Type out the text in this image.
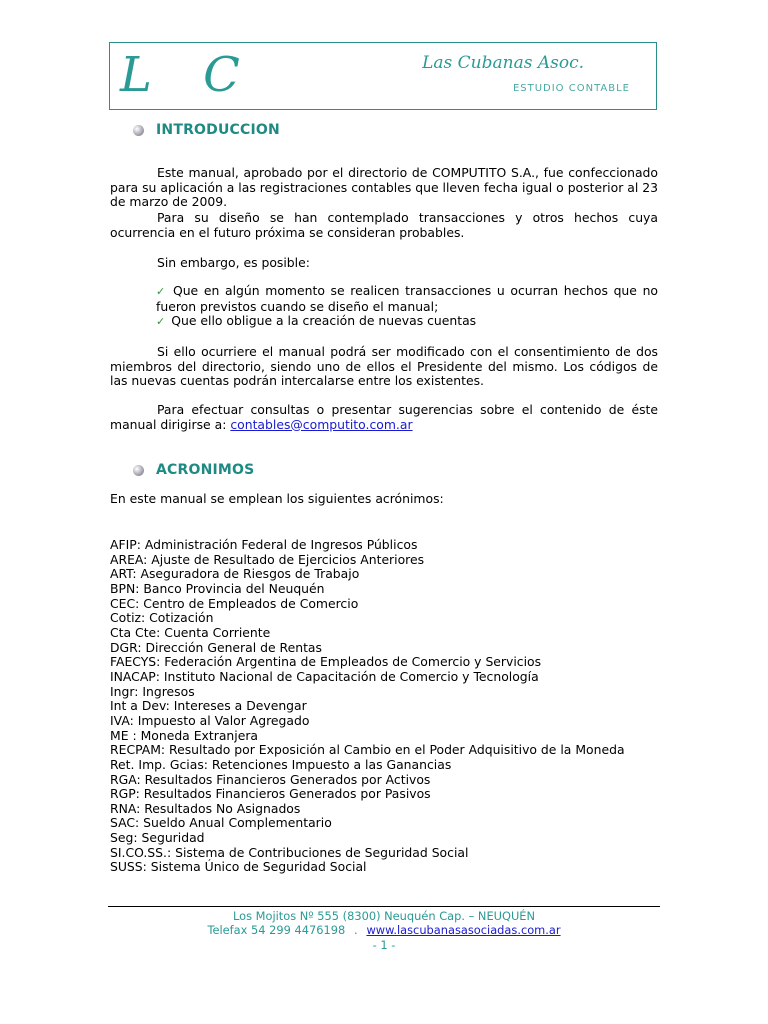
L C	Las Cubanas Asoc.
ESTUDIO CONTABLE
INTRODUCCION

Este manual, aprobado por el directorio de COMPUTITO S.A., fue confeccionado para su aplicación a las registraciones contables que lleven fecha igual o posterior al 23 de marzo de 2009.

Para su diseño se han contemplado transacciones y otros hechos cuya ocurrencia en el futuro próxima se consideran probables.

Sin embargo, es posible:

✓ Que en algún momento se realicen transacciones u ocurran hechos que no fueron previstos cuando se diseño el manual;
✓ Que ello obligue a la creación de nuevas cuentas

Si ello ocurriere el manual podrá ser modificado con el consentimiento de dos miembros del directorio, siendo uno de ellos el Presidente del mismo. Los códigos de las nuevas cuentas podrán intercalarse entre los existentes.

Para efectuar consultas o presentar sugerencias sobre el contenido de éste manual dirigirse a: contables@computito.com.ar

ACRONIMOS

En este manual se emplean los siguientes acrónimos:

AFIP: Administración Federal de Ingresos Públicos
AREA: Ajuste de Resultado de Ejercicios Anteriores
ART: Aseguradora de Riesgos de Trabajo
BPN: Banco Provincia del Neuquén
CEC: Centro de Empleados de Comercio
Cotiz: Cotización
Cta Cte: Cuenta Corriente
DGR: Dirección General de Rentas
FAECYS: Federación Argentina de Empleados de Comercio y Servicios
INACAP: Instituto Nacional de Capacitación de Comercio y Tecnología
Ingr: Ingresos
Int a Dev: Intereses a Devengar
IVA: Impuesto al Valor Agregado
ME : Moneda Extranjera
RECPAM: Resultado por Exposición al Cambio en el Poder Adquisitivo de la Moneda
Ret. Imp. Gcias: Retenciones Impuesto a las Ganancias
RGA: Resultados Financieros Generados por Activos
RGP: Resultados Financieros Generados por Pasivos
RNA: Resultados No Asignados
SAC: Sueldo Anual Complementario
Seg: Seguridad
SI.CO.SS.: Sistema de Contribuciones de Seguridad Social
SUSS: Sistema Único de Seguridad Social
Los Mojitos Nº 555 (8300) Neuquén Cap. – NEUQUÉN
Telefax 54 299 4476198 . www.lascubanasasociadas.com.ar
- 1 -
